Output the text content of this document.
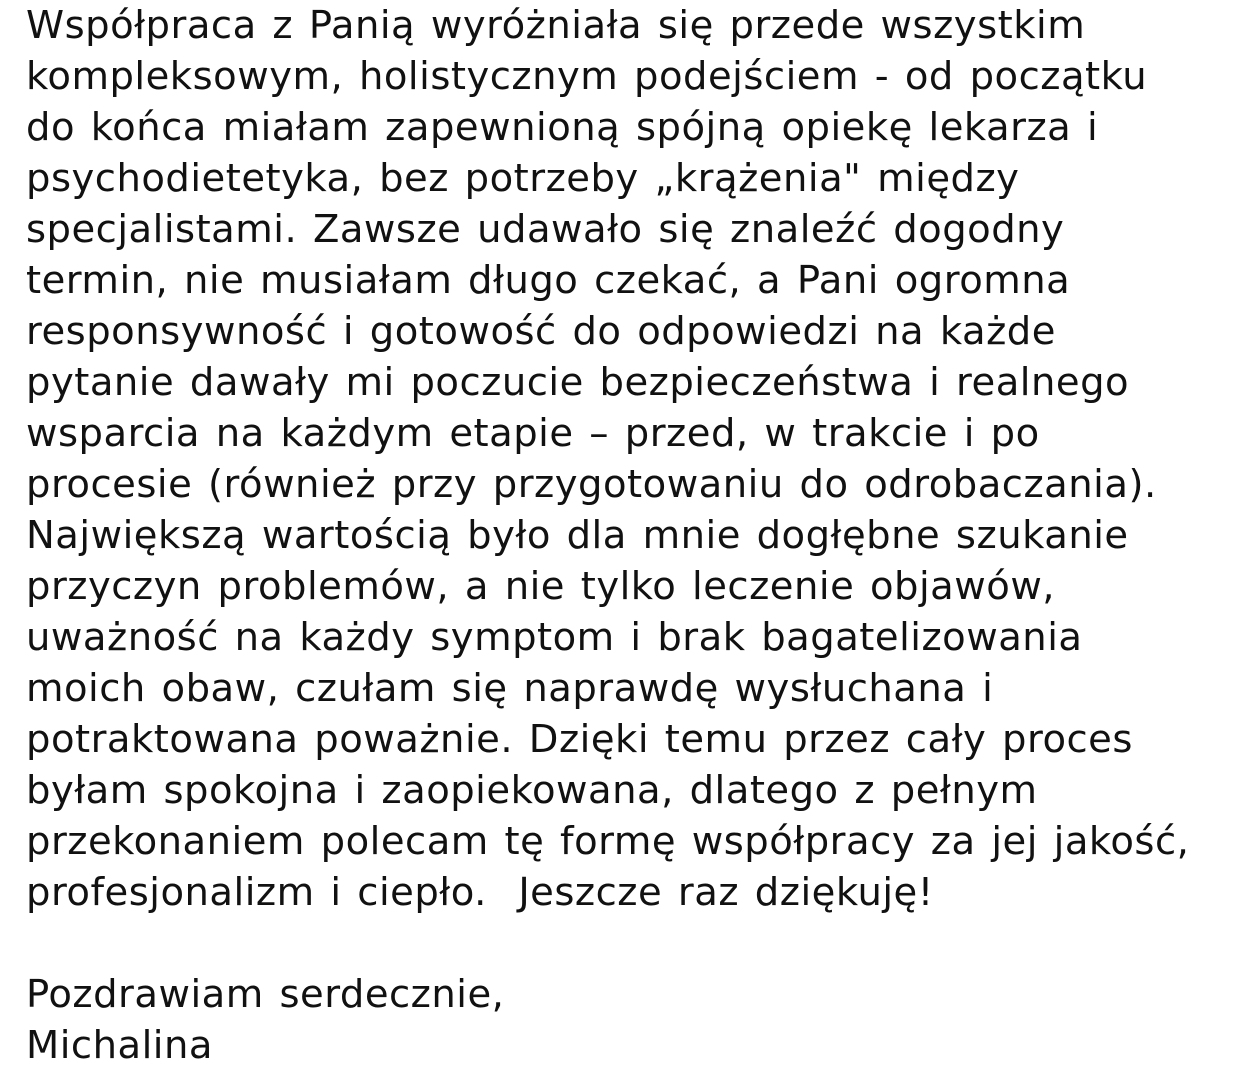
Współpraca z Panią wyróżniała się przede wszystkim
kompleksowym, holistycznym podejściem - od początku
do końca miałam zapewnioną spójną opiekę lekarza i
psychodietetyka, bez potrzeby „krążenia" między
specjalistami. Zawsze udawało się znaleźć dogodny
termin, nie musiałam długo czekać, a Pani ogromna
responsywność i gotowość do odpowiedzi na każde
pytanie dawały mi poczucie bezpieczeństwa i realnego
wsparcia na każdym etapie – przed, w trakcie i po
procesie (również przy przygotowaniu do odrobaczania).
Największą wartością było dla mnie dogłębne szukanie
przyczyn problemów, a nie tylko leczenie objawów,
uważność na każdy symptom i brak bagatelizowania
moich obaw, czułam się naprawdę wysłuchana i
potraktowana poważnie. Dzięki temu przez cały proces
byłam spokojna i zaopiekowana, dlatego z pełnym
przekonaniem polecam tę formę współpracy za jej jakość,
profesjonalizm i ciepło.  Jeszcze raz dziękuję!
Pozdrawiam serdecznie,
Michalina
